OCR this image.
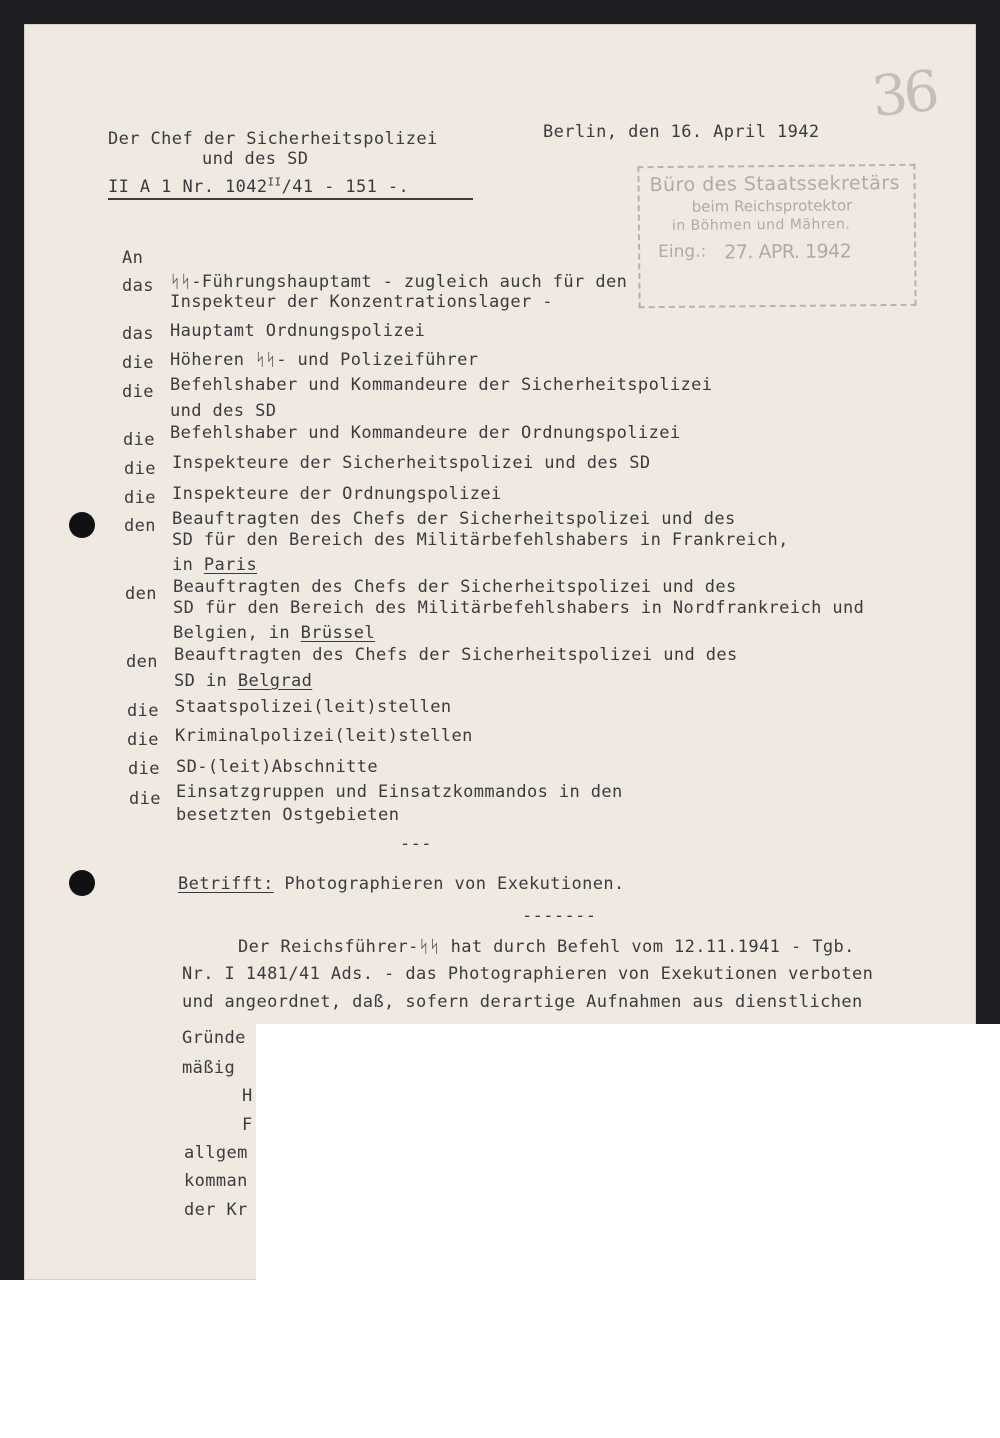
36
Der Chef der Sicherheitspolizei
und des SD
II A 1 Nr. $1042^{II}/41 - 151$ -.
Berlin, den 16. April 1942
Büro des Staatssekretärs
beim Reichsprotektor
in Böhmen und Mähren.
Eing.: 27. APR. 1942
An
das ᛋᛋ-Führungshauptamt - zugleich auch für den
Inspekteur der Konzentrationslager -
das Hauptamt Ordnungspolizei
die Höheren ᛋᛋ- und Polizeiführer
die Befehlshaber und Kommandeure der Sicherheitspolizei
und des SD
die Befehlshaber und Kommandeure der Ordnungspolizei
die Inspekteure der Sicherheitspolizei und des SD
die Inspekteure der Ordnungspolizei
den Beauftragten des Chefs der Sicherheitspolizei und des
SD für den Bereich des Militärbefehlshabers in Frankreich,
in Paris
den Beauftragten des Chefs der Sicherheitspolizei und des
SD für den Bereich des Militärbefehlshabers in Nordfrankreich und
Belgien, in Brüssel
den Beauftragten des Chefs der Sicherheitspolizei und des
SD in Belgrad
die Staatspolizei(leit)stellen
die Kriminalpolizei(leit)stellen
die SD-(leit)Abschnitte
die Einsatzgruppen und Einsatzkommandos in den
besetzten Ostgebieten
---
Betrifft: Photographieren von Exekutionen.
-------
Der Reichsführer-ᛋᛋ hat durch Befehl vom 12.11.1941 - Tgb.
Nr. I 1481/41 Ads. - das Photographieren von Exekutionen verboten
und angeordnet, daß, sofern derartige Aufnahmen aus dienstlichen
Gründe
mäßig
H
F
allgem
komman
der Kr
